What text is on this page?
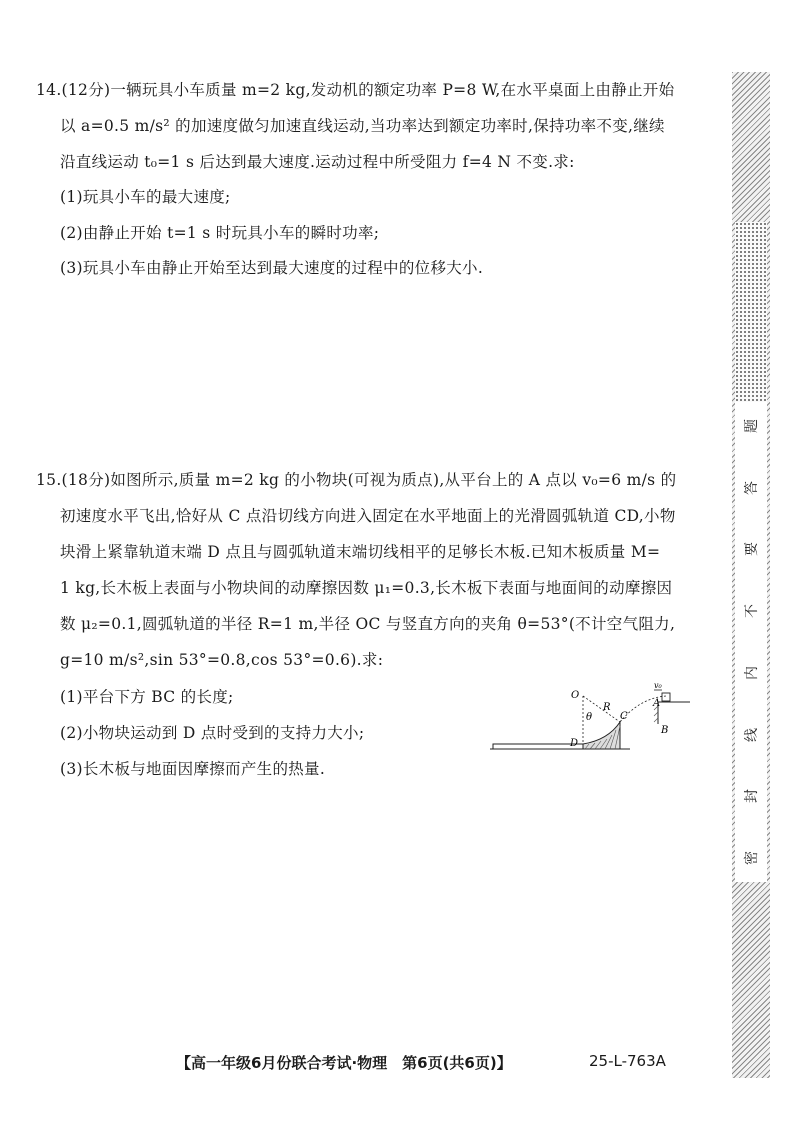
14.(12分)一辆玩具小车质量 m=2 kg,发动机的额定功率 P=8 W,在水平桌面上由静止开始
以 a=0.5 m/s² 的加速度做匀加速直线运动,当功率达到额定功率时,保持功率不变,继续
沿直线运动 t₀=1 s 后达到最大速度.运动过程中所受阻力 f=4 N 不变.求:
(1)玩具小车的最大速度;
(2)由静止开始 t=1 s 时玩具小车的瞬时功率;
(3)玩具小车由静止开始至达到最大速度的过程中的位移大小.
15.(18分)如图所示,质量 m=2 kg 的小物块(可视为质点),从平台上的 A 点以 v₀=6 m/s 的
初速度水平飞出,恰好从 C 点沿切线方向进入固定在水平地面上的光滑圆弧轨道 CD,小物
块滑上紧靠轨道末端 D 点且与圆弧轨道末端切线相平的足够长木板.已知木板质量 M=
1 kg,长木板上表面与小物块间的动摩擦因数 μ₁=0.3,长木板下表面与地面间的动摩擦因
数 μ₂=0.1,圆弧轨道的半径 R=1 m,半径 OC 与竖直方向的夹角 θ=53°(不计空气阻力,
g=10 m/s²,sin 53°=0.8,cos 53°=0.6).求:
(1)平台下方 BC 的长度;
(2)小物块运动到 D 点时受到的支持力大小;
(3)长木板与地面因摩擦而产生的热量.
O
R
θ	C
D
A
B
v₀
题
答
要
不
内
线
封
密
【高一年级6月份联合考试·物理　第6页(共6页)】	25-L-763A
